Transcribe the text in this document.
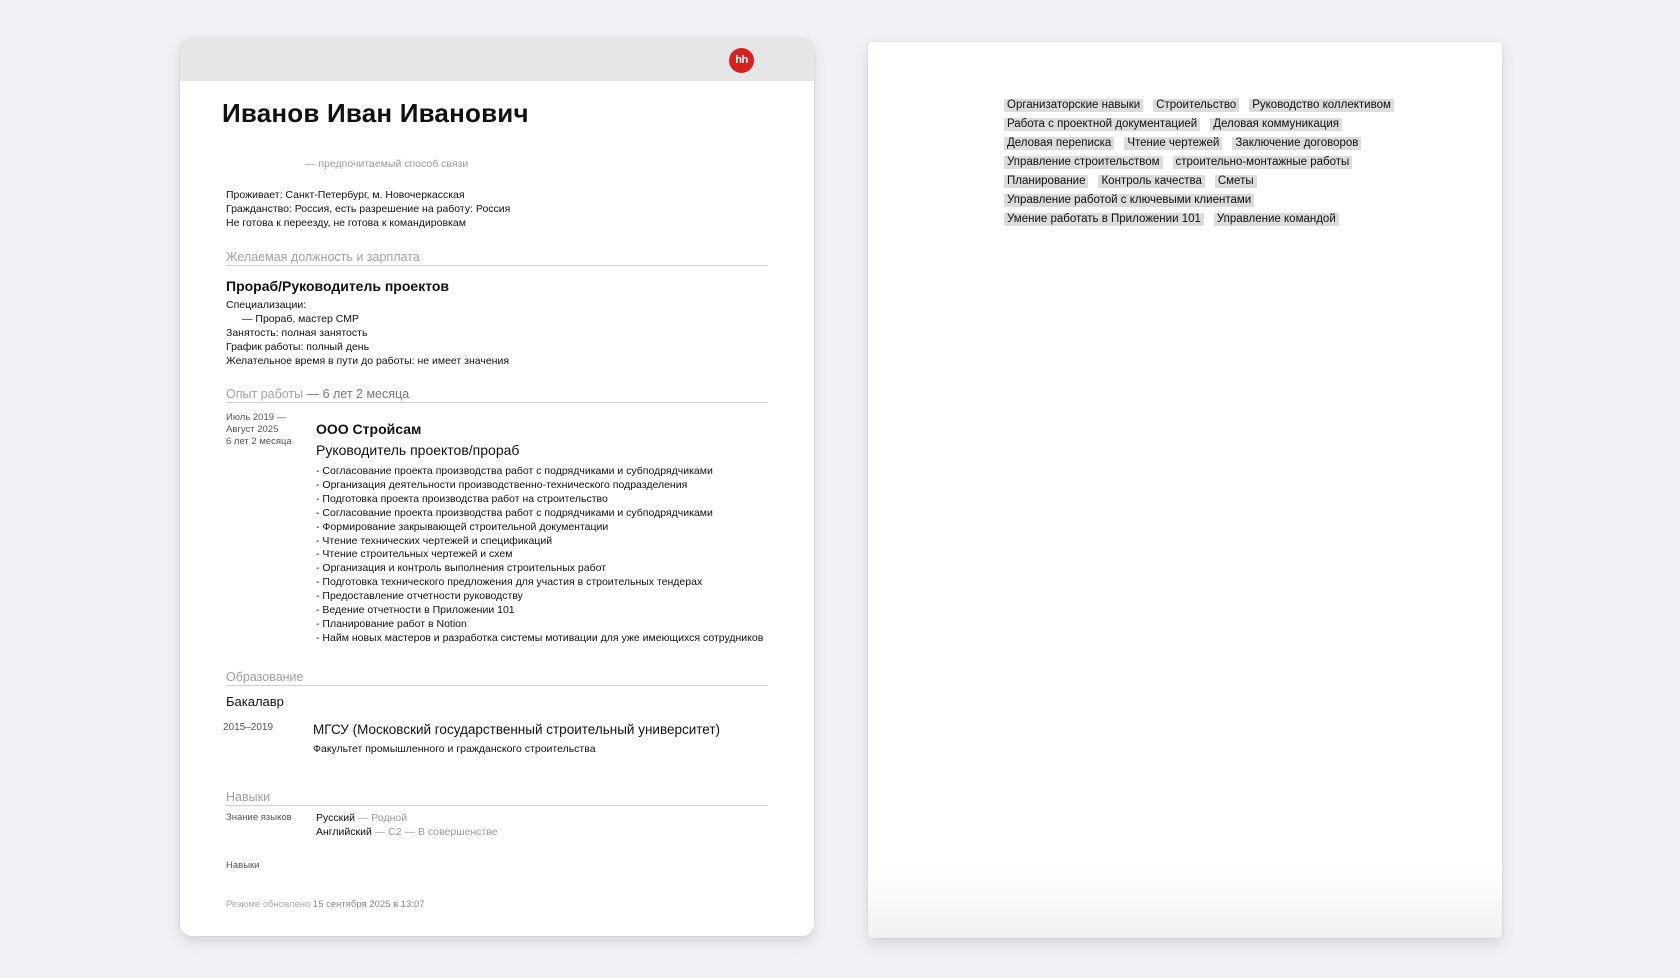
hh
Иванов Иван Иванович
— предпочитаемый способ связи
Проживает: Санкт-Петербург, м. Новочеркасская
Гражданство: Россия, есть разрешение на работу: Россия
Не готова к переезду, не готова к командировкам
Желаемая должность и зарплата
Прораб/Руководитель проектов
Специализации:
— Прораб, мастер СМР
Занятость: полная занятость
График работы: полный день
Желательное время в пути до работы: не имеет значения
Опыт работы — 6 лет 2 месяца
Июль 2019 —
Август 2025
6 лет 2 месяца
ООО Стройсам
Руководитель проектов/прораб
- Согласование проекта производства работ с подрядчиками и субподрядчиками
- Организация деятельности производственно-технического подразделения
- Подготовка проекта производства работ на строительство
- Согласование проекта производства работ с подрядчиками и субподрядчиками
- Формирование закрывающей строительной документации
- Чтение технических чертежей и спецификаций
- Чтение строительных чертежей и схем
- Организация и контроль выполнения строительных работ
- Подготовка технического предложения для участия в строительных тендерах
- Предоставление отчетности руководству
- Ведение отчетности в Приложении 101
- Планирование работ в Notion
- Найм новых мастеров и разработка системы мотивации для уже имеющихся сотрудников
Образование
Бакалавр
2015–2019	МГСУ (Московский государственный строительный университет)
Факультет промышленного и гражданского строительства
Навыки
Знание языков Русский — Родной
Английский — C2 — В совершенстве
Навыки
Резюме обновлено 15 сентября 2025 в 13:07
Организаторские навыки Строительство Руководство коллективом
Работа с проектной документацией Деловая коммуникация
Деловая переписка Чтение чертежей Заключение договоров
Управление строительством строительно-монтажные работы
Планирование Контроль качества Сметы
Управление работой с ключевыми клиентами
Умение работать в Приложении 101 Управление командой
